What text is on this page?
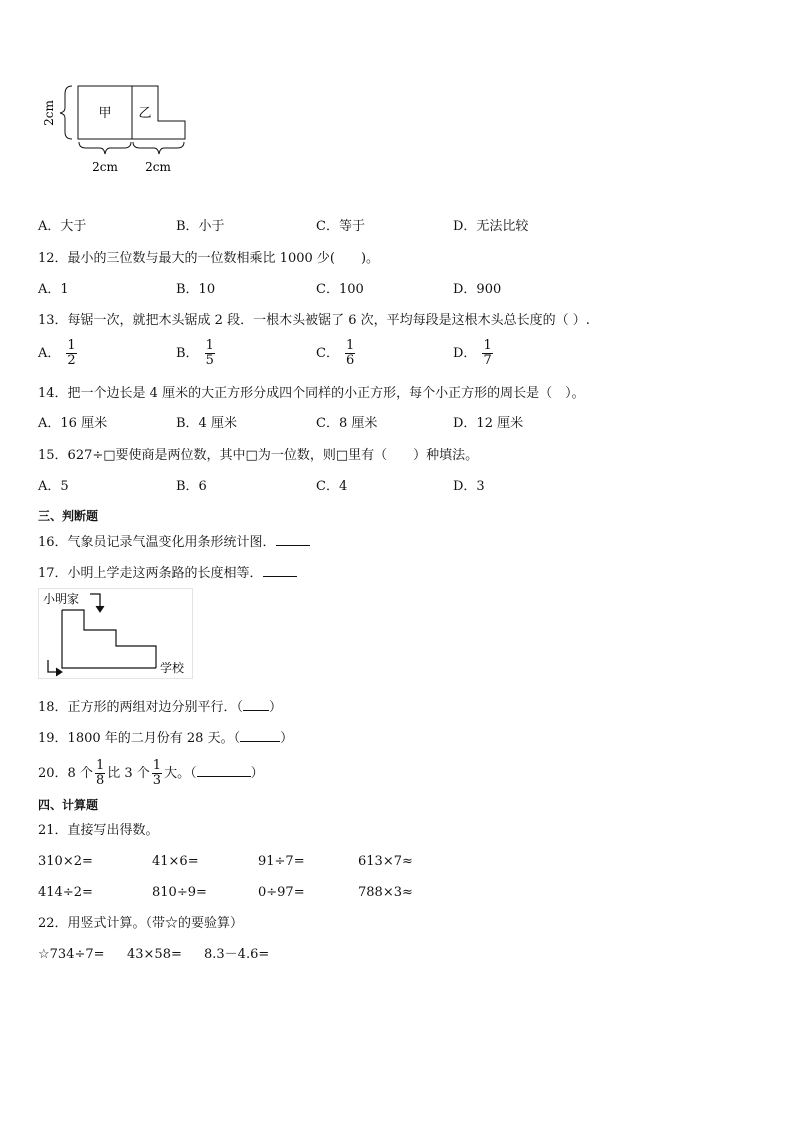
甲 乙
2cm
2cm 2cm
A．大于	B．小于	C．等于	D．无法比较
12．最小的三位数与最大的一位数相乘比 1000 少(　　)。
A．1	B．10	C．100	D．900
13．每锯一次，就把木头锯成 2 段．一根木头被锯了 6 次，平均每段是这根木头总长度的（ ）.
A． $\frac{1}{2}$	B． $\frac{1}{5}$	C． $\frac{1}{6}$	D． $\frac{1}{7}$
14．把一个边长是 4 厘米的大正方形分成四个同样的小正方形，每个小正方形的周长是（　）。
A．16 厘米	B．4 厘米	C．8 厘米	D．12 厘米
15．627÷□要使商是两位数，其中□为一位数，则□里有（　　）种填法。
A．5	B．6	C．4	D．3
三、判断题
16．气象员记录气温变化用条形统计图．
17．小明上学走这两条路的长度相等．
小明家
学校
18．正方形的两组对边分别平行．（ ）
19．1800 年的二月份有 28 天。（	）
20．8 个 $\frac{1}{8}$ 比 3 个 $\frac{1}{3}$ 大。（	）
四、计算题
21．直接写出得数。
310×2=	41×6=	91÷7=	613×7≈
414÷2=	810÷9=	0÷97=	788×3≈
22．用竖式计算。（带☆的要验算）
☆734÷7= 43×58= 8.3－4.6=
